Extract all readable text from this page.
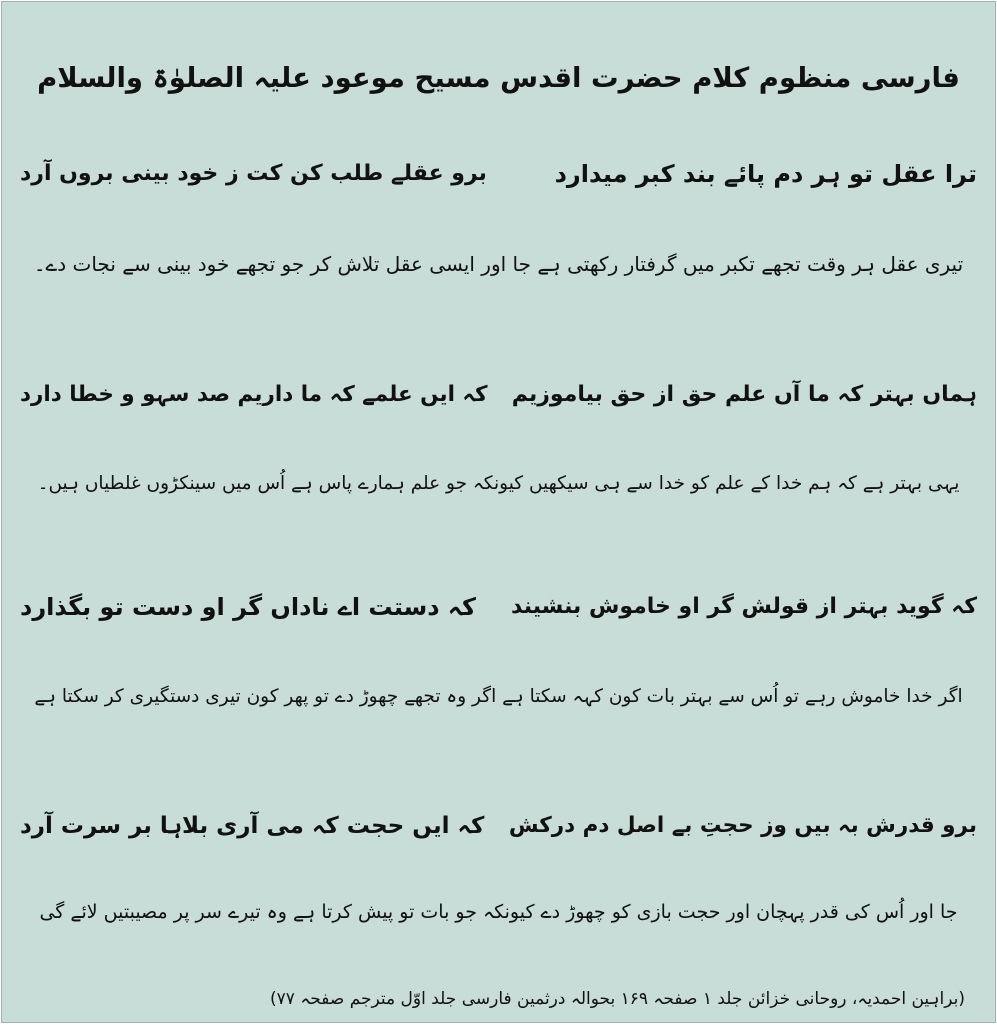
فارسی منظوم کلام حضرت اقدس مسیح موعود علیہ الصلوٰۃ والسلام
ترا عقل تو ہر دم پائے بند کبر میدارد
برو عقلے طلب کن کت ز خود بینی بروں آرد
تیری عقل ہر وقت تجھے تکبر میں گرفتار رکھتی ہے جا اور ایسی عقل تلاش کر جو تجھے خود بینی سے نجات دے۔
ہماں بہتر کہ ما آں علم حق از حق بیاموزیم
کہ ایں علمے کہ ما داریم صد سہو و خطا دارد
یہی بہتر ہے کہ ہم خدا کے علم کو خدا سے ہی سیکھیں کیونکہ جو علم ہمارے پاس ہے اُس میں سینکڑوں غلطیاں ہیں۔
کہ گوید بہتر از قولش گر او خاموش بنشیند
کہ دستت اے ناداں گر او دست تو بگذارد
اگر خدا خاموش رہے تو اُس سے بہتر بات کون کہہ سکتا ہے اگر وہ تجھے چھوڑ دے تو پھر کون تیری دستگیری کر سکتا ہے
برو قدرش بہ بیں وز حجتِ بے اصل دم درکش
کہ ایں حجت کہ می آری بلاہا بر سرت آرد
جا اور اُس کی قدر پہچان اور حجت بازی کو چھوڑ دے کیونکہ جو بات تو پیش کرتا ہے وہ تیرے سر پر مصیبتیں لائے گی
(براہین احمدیہ، روحانی خزائن جلد ۱ صفحہ ۱۶۹ بحوالہ درثمین فارسی جلد اوّل مترجم صفحہ ۷۷)
